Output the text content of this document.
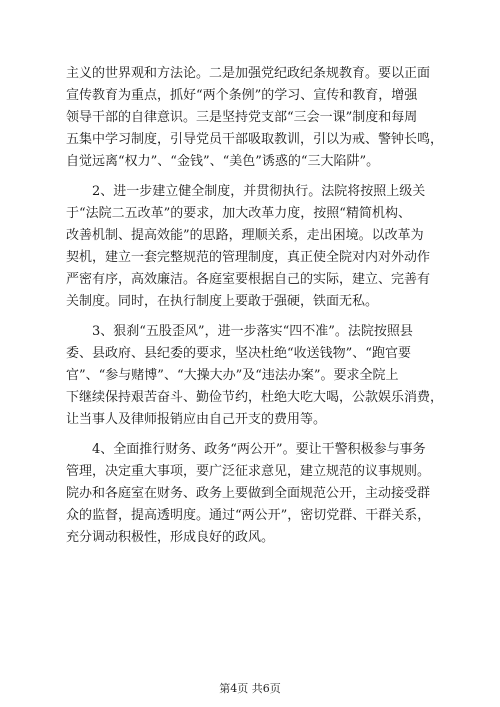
主义的世界观和方法论。二是加强党纪政纪条规教育。要以正面
宣传教育为重点，抓好“两个条例”的学习、宣传和教育，增强
领导干部的自律意识。三是坚持党支部“三会一课”制度和每周
五集中学习制度，引导党员干部吸取教训，引以为戒、警钟长鸣，
自觉远离“权力”、“金钱”、“美色”诱惑的“三大陷阱”。
2、进一步建立健全制度，并贯彻执行。法院将按照上级关
于“法院二五改革”的要求，加大改革力度，按照“精简机构、
改善机制、提高效能”的思路，理顺关系，走出困境。以改革为
契机，建立一套完整规范的管理制度，真正使全院对内对外动作
严密有序，高效廉洁。各庭室要根据自己的实际，建立、完善有
关制度。同时，在执行制度上要敢于强硬，铁面无私。
3、狠刹“五股歪风”，进一步落实“四不准”。法院按照县
委、县政府、县纪委的要求，坚决杜绝“收送钱物”、“跑官要
官”、“参与赌博”、“大操大办”及“违法办案”。要求全院上
下继续保持艰苦奋斗、勤俭节约，杜绝大吃大喝，公款娱乐消费，
让当事人及律师报销应由自己开支的费用等。
4、全面推行财务、政务“两公开”。要让干警积极参与事务
管理，决定重大事项，要广泛征求意见，建立规范的议事规则。
院办和各庭室在财务、政务上要做到全面规范公开，主动接受群
众的监督，提高透明度。通过“两公开”，密切党群、干群关系，
充分调动积极性，形成良好的政风。
第4页 共6页
